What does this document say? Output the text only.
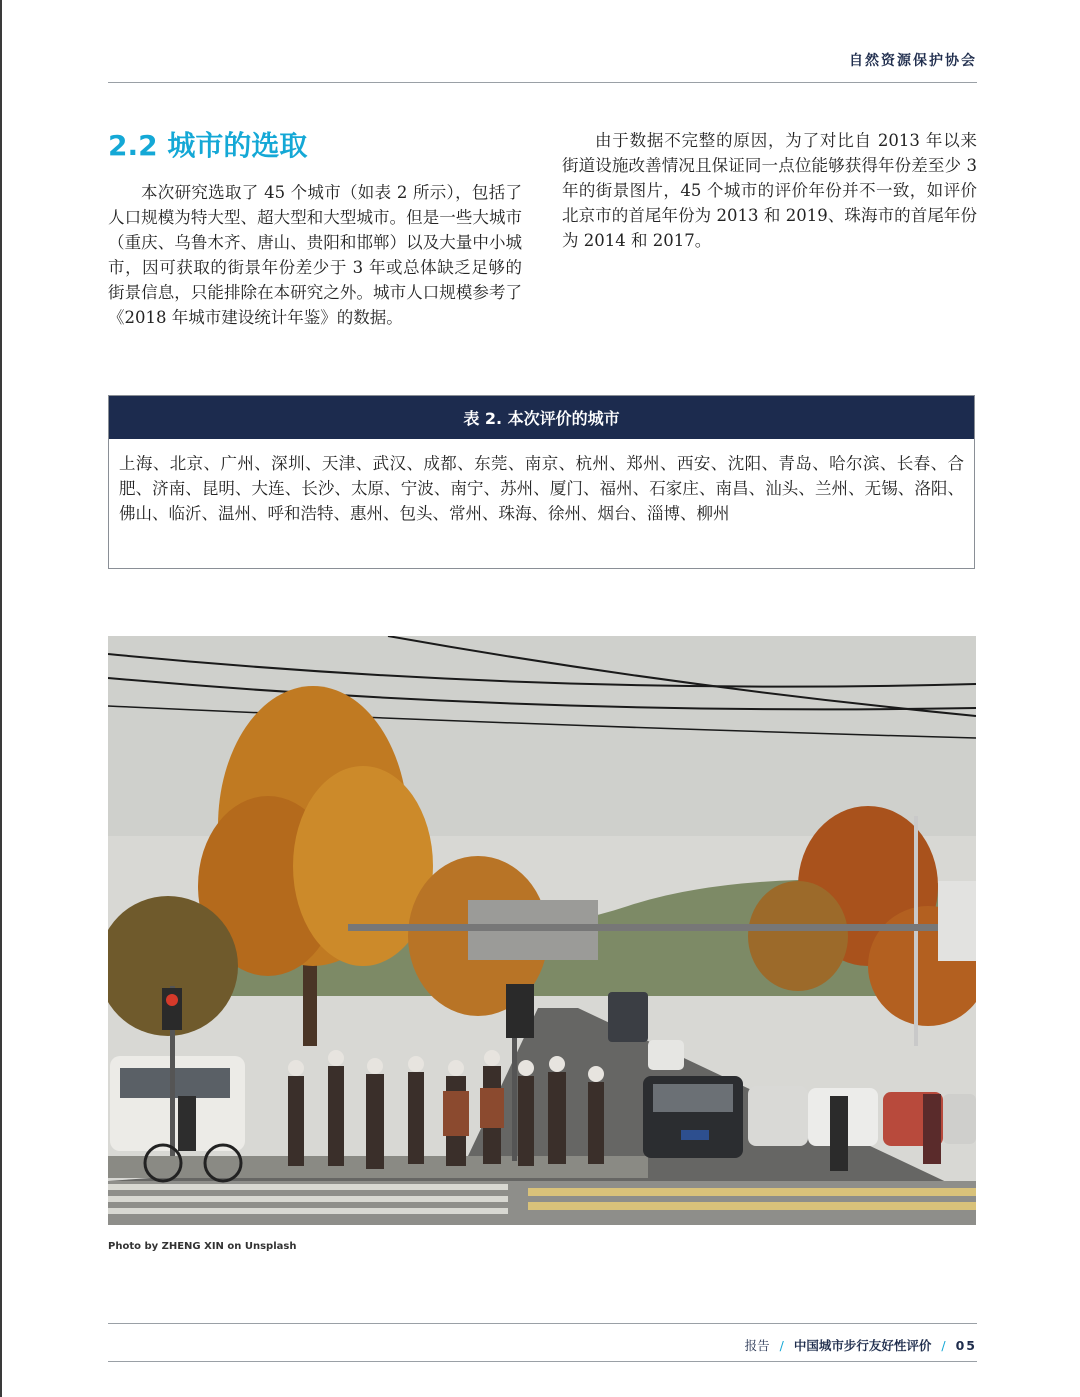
自然资源保护协会
2.2 城市的选取

本次研究选取了 45 个城市（如表 2 所示），包括了人口规模为特大型、超大型和大型城市。但是一些大城市（重庆、乌鲁木齐、唐山、贵阳和邯郸）以及大量中小城市，因可获取的街景年份差少于 3 年或总体缺乏足够的街景信息，只能排除在本研究之外。城市人口规模参考了《2018 年城市建设统计年鉴》的数据。

由于数据不完整的原因，为了对比自 2013 年以来街道设施改善情况且保证同一点位能够获得年份差至少 3 年的街景图片，45 个城市的评价年份并不一致，如评价北京市的首尾年份为 2013 和 2019、珠海市的首尾年份为 2014 和 2017。

表 2. 本次评价的城市

上海、北京、广州、深圳、天津、武汉、成都、东莞、南京、杭州、郑州、西安、沈阳、青岛、哈尔滨、长春、合肥、济南、昆明、大连、长沙、太原、宁波、南宁、苏州、厦门、福州、石家庄、南昌、汕头、兰州、无锡、洛阳、佛山、临沂、温州、呼和浩特、惠州、包头、常州、珠海、徐州、烟台、淄博、柳州

Photo by ZHENG XIN on Unsplash
报告 / 中国城市步行友好性评价 / 05
